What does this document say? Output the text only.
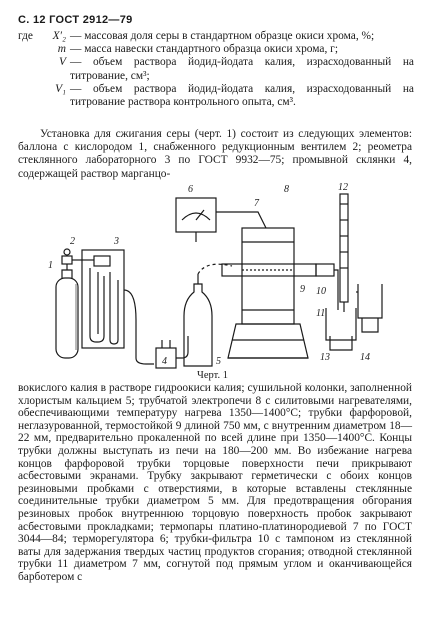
С. 12 ГОСТ 2912—79
где	X′₂ — массовая доля серы в стандартном образце окиси хрома, %;
m — масса навески стандартного образца окиси хрома, г;
V — объем раствора йодид-йодата калия, израсходованный на титрование, см³;
V₁ — объем раствора йодид-йодата калия, израсходованный на титрование раствора контрольного опыта, см³.
Установка для сжигания серы (черт. 1) состоит из следующих элементов: баллона с кислородом 1, снабженного редукционным вентилем 2; реометра стеклянного лабораторного 3 по ГОСТ 9932—75; промывной склянки 4, содержащей раствор марганцо-
1
2	3
4	5
6
7
8
9 10
11
12
13	14
Черт. 1
вокислого калия в растворе гидроокиси калия; сушильной колонки, заполненной хлористым кальцием 5; трубчатой электропечи 8 с силитовыми нагревателями, обеспечивающими температуру нагрева 1350—1400°С; трубки фарфоровой, неглазурованной, термостойкой 9 длиной 750 мм, с внутренним диаметром 18—22 мм, предварительно прокаленной по всей длине при 1350—1400°С. Концы трубки должны выступать из печи на 180—200 мм. Во избежание нагрева концов фарфоровой трубки торцовые поверхности печи прикрывают асбестовыми экранами. Трубку закрывают герметически с обоих концов резиновыми пробками с отверстиями, в которые вставлены стеклянные соединительные трубки диаметром 5 мм. Для предотвращения обгорания резиновых пробок внутреннюю торцовую поверхность пробок закрывают асбестовыми прокладками; термопары платино-платинородиевой 7 по ГОСТ 3044—84; терморегулятора 6; трубки-фильтра 10 с тампоном из стеклянной ваты для задержания твердых частиц продуктов сгорания; отводной стеклянной трубки 11 диаметром 7 мм, согнутой под прямым углом и оканчивающейся барботером с
